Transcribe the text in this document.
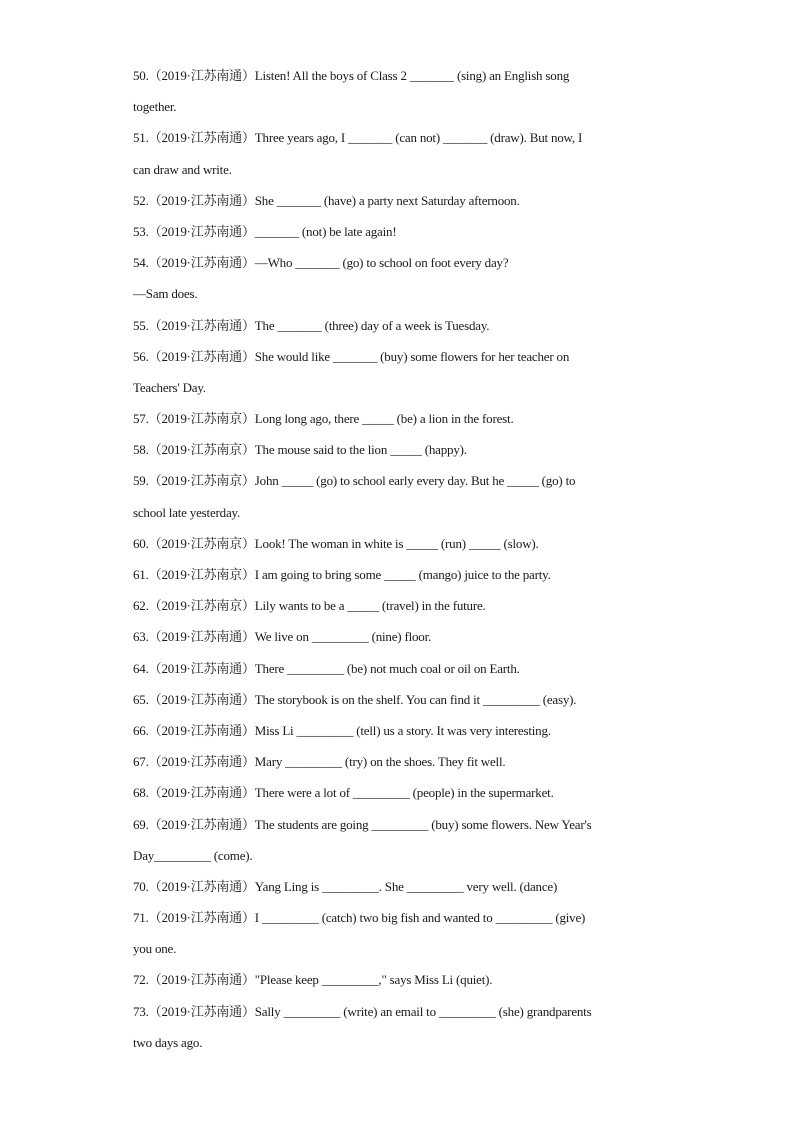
50.（2019·江苏南通）Listen! All the boys of Class 2 _______ (sing) an English song
together.
51.（2019·江苏南通）Three years ago, I _______ (can not) _______ (draw). But now, I
can draw and write.
52.（2019·江苏南通）She _______ (have) a party next Saturday afternoon.
53.（2019·江苏南通）_______ (not) be late again!
54.（2019·江苏南通）—Who _______ (go) to school on foot every day?
—Sam does.
55.（2019·江苏南通）The _______ (three) day of a week is Tuesday.
56.（2019·江苏南通）She would like _______ (buy) some flowers for her teacher on
Teachers' Day.
57.（2019·江苏南京）Long long ago, there _____ (be) a lion in the forest.
58.（2019·江苏南京）The mouse said to the lion _____ (happy).
59.（2019·江苏南京）John _____ (go) to school early every day. But he _____ (go) to
school late yesterday.
60.（2019·江苏南京）Look! The woman in white is _____ (run) _____ (slow).
61.（2019·江苏南京）I am going to bring some _____ (mango) juice to the party.
62.（2019·江苏南京）Lily wants to be a _____ (travel) in the future.
63.（2019·江苏南通）We live on _________ (nine) floor.
64.（2019·江苏南通）There _________ (be) not much coal or oil on Earth.
65.（2019·江苏南通）The storybook is on the shelf. You can find it _________ (easy).
66.（2019·江苏南通）Miss Li _________ (tell) us a story. It was very interesting.
67.（2019·江苏南通）Mary _________ (try) on the shoes. They fit well.
68.（2019·江苏南通）There were a lot of _________ (people) in the supermarket.
69.（2019·江苏南通）The students are going _________ (buy) some flowers. New Year's
Day_________ (come).
70.（2019·江苏南通）Yang Ling is _________. She _________ very well. (dance)
71.（2019·江苏南通）I _________ (catch) two big fish and wanted to _________ (give)
you one.
72.（2019·江苏南通）"Please keep _________," says Miss Li (quiet).
73.（2019·江苏南通）Sally _________ (write) an email to _________ (she) grandparents
two days ago.
